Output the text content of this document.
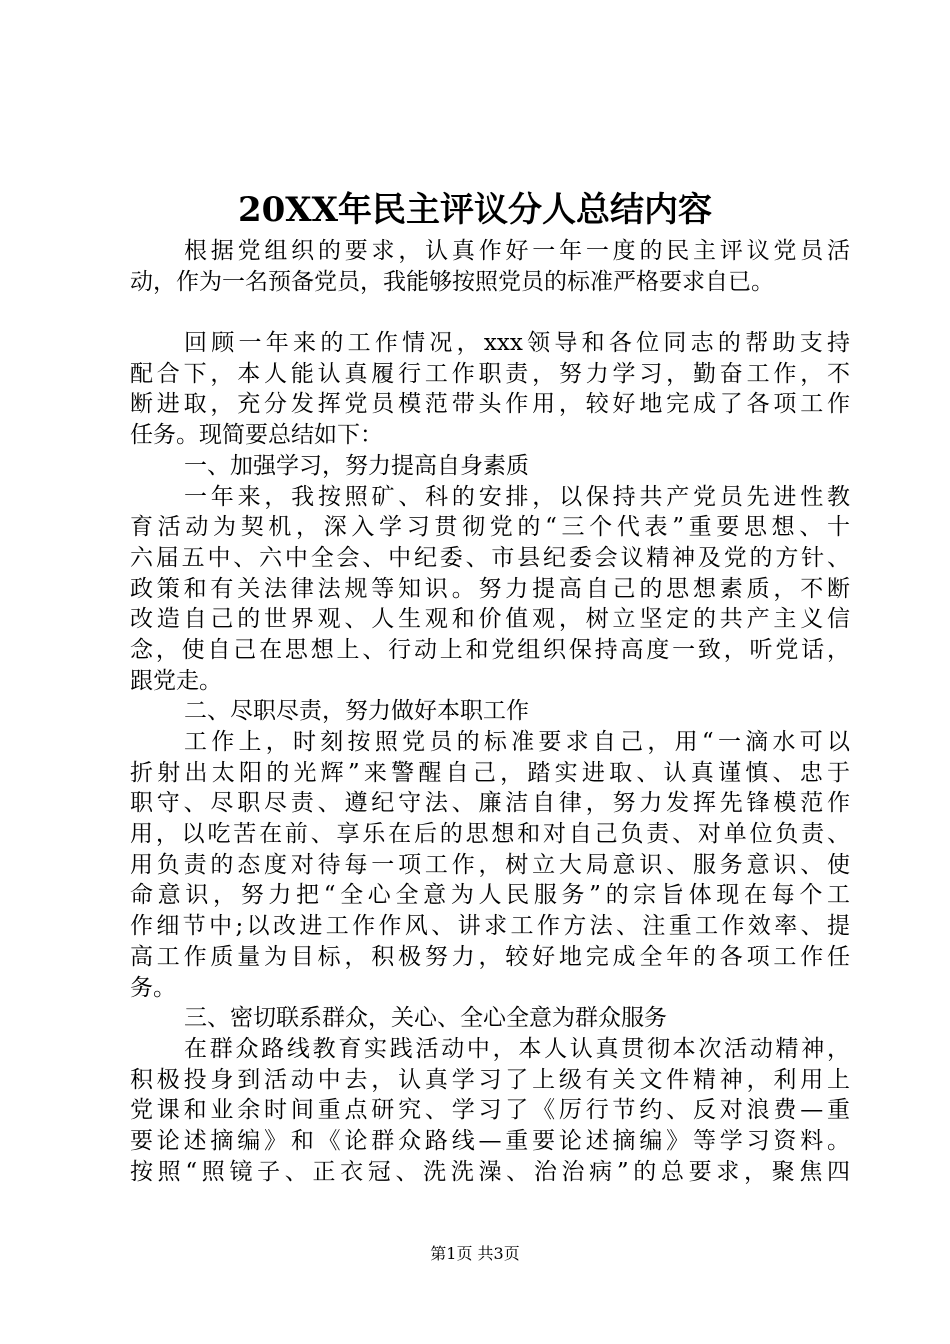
20XX年民主评议分人总结内容
根据党组织的要求，认真作好一年一度的民主评议党员活
动，作为一名预备党员，我能够按照党员的标准严格要求自已。
回顾一年来的工作情况，xxx领导和各位同志的帮助支持
配合下，本人能认真履行工作职责，努力学习，勤奋工作，不
断进取，充分发挥党员模范带头作用，较好地完成了各项工作
任务。现简要总结如下：
一、加强学习，努力提高自身素质
一年来，我按照矿、科的安排，以保持共产党员先进性教
育活动为契机，深入学习贯彻党的“三个代表”重要思想、十
六届五中、六中全会、中纪委、市县纪委会议精神及党的方针、
政策和有关法律法规等知识。努力提高自己的思想素质，不断
改造自己的世界观、人生观和价值观，树立坚定的共产主义信
念，使自己在思想上、行动上和党组织保持高度一致，听党话，
跟党走。
二、尽职尽责，努力做好本职工作
工作上，时刻按照党员的标准要求自己，用“一滴水可以
折射出太阳的光辉”来警醒自己，踏实进取、认真谨慎、忠于
职守、尽职尽责、遵纪守法、廉洁自律，努力发挥先锋模范作
用，以吃苦在前、享乐在后的思想和对自己负责、对单位负责、
用负责的态度对待每一项工作，树立大局意识、服务意识、使
命意识，努力把“全心全意为人民服务”的宗旨体现在每个工
作细节中;以改进工作作风、讲求工作方法、注重工作效率、提
高工作质量为目标，积极努力，较好地完成全年的各项工作任
务。
三、密切联系群众，关心、全心全意为群众服务
在群众路线教育实践活动中，本人认真贯彻本次活动精神，
积极投身到活动中去，认真学习了上级有关文件精神，利用上
党课和业余时间重点研究、学习了《厉行节约、反对浪费—重
要论述摘编》和《论群众路线—重要论述摘编》等学习资料。
按照“照镜子、正衣冠、洗洗澡、治治病”的总要求，聚焦四
第1页 共3页
